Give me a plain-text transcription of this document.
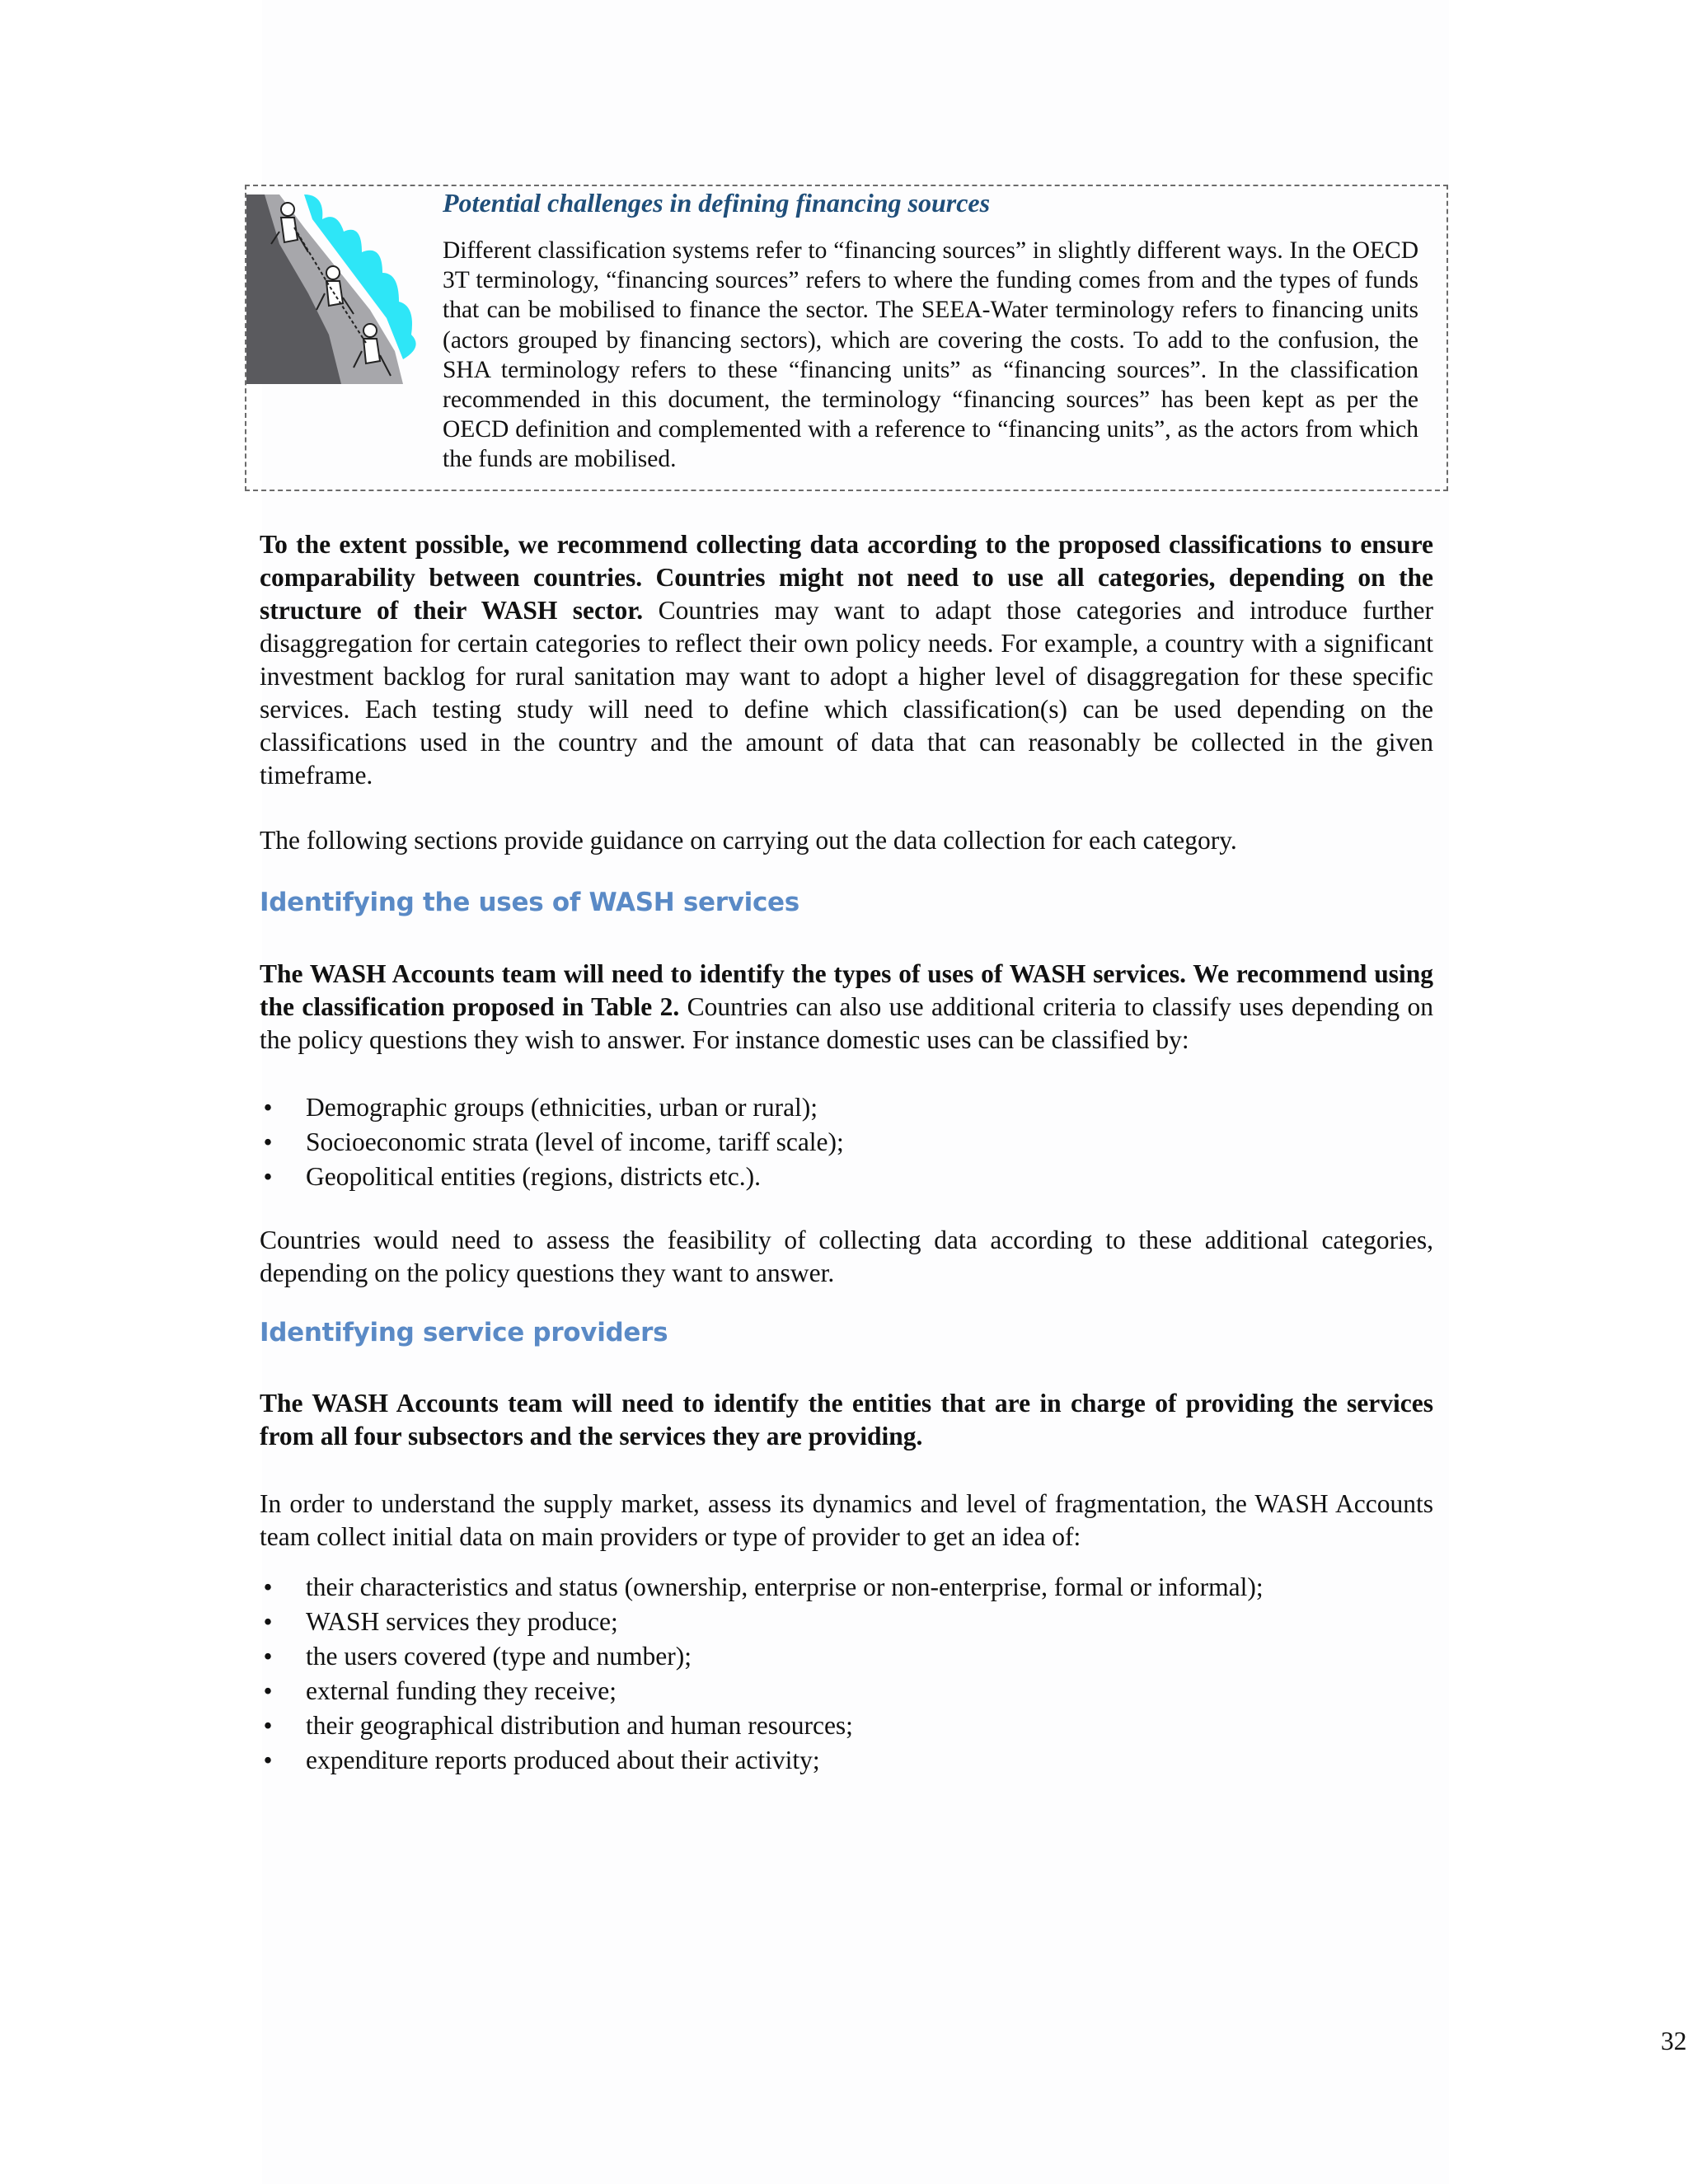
Potential challenges in defining financing sources

Different classification systems refer to “financing sources” in slightly different ways. In the OECD 3T terminology, “financing sources” refers to where the funding comes from and the types of funds that can be mobilised to finance the sector. The SEEA-Water terminology refers to financing units (actors grouped by financing sectors), which are covering the costs. To add to the confusion, the SHA terminology refers to these “financing units” as “financing sources”. In the classification recommended in this document, the terminology “financing sources” has been kept as per the OECD definition and complemented with a reference to “financing units”, as the actors from which the funds are mobilised.

To the extent possible, we recommend collecting data according to the proposed classifications to ensure comparability between countries. Countries might not need to use all categories, depending on the structure of their WASH sector. Countries may want to adapt those categories and introduce further disaggregation for certain categories to reflect their own policy needs. For example, a country with a significant investment backlog for rural sanitation may want to adopt a higher level of disaggregation for these specific services. Each testing study will need to define which classification(s) can be used depending on the classifications used in the country and the amount of data that can reasonably be collected in the given timeframe.

The following sections provide guidance on carrying out the data collection for each category.

Identifying the uses of WASH services

The WASH Accounts team will need to identify the types of uses of WASH services. We recommend using the classification proposed in Table 2. Countries can also use additional criteria to classify uses depending on the policy questions they wish to answer. For instance domestic uses can be classified by:

• Demographic groups (ethnicities, urban or rural);
• Socioeconomic strata (level of income, tariff scale);
• Geopolitical entities (regions, districts etc.).

Countries would need to assess the feasibility of collecting data according to these additional categories, depending on the policy questions they want to answer.

Identifying service providers

The WASH Accounts team will need to identify the entities that are in charge of providing the services from all four subsectors and the services they are providing.

In order to understand the supply market, assess its dynamics and level of fragmentation, the WASH Accounts team collect initial data on main providers or type of provider to get an idea of:

• their characteristics and status (ownership, enterprise or non-enterprise, formal or informal);
• WASH services they produce;
• the users covered (type and number);
• external funding they receive;
• their geographical distribution and human resources;
• expenditure reports produced about their activity;
32
